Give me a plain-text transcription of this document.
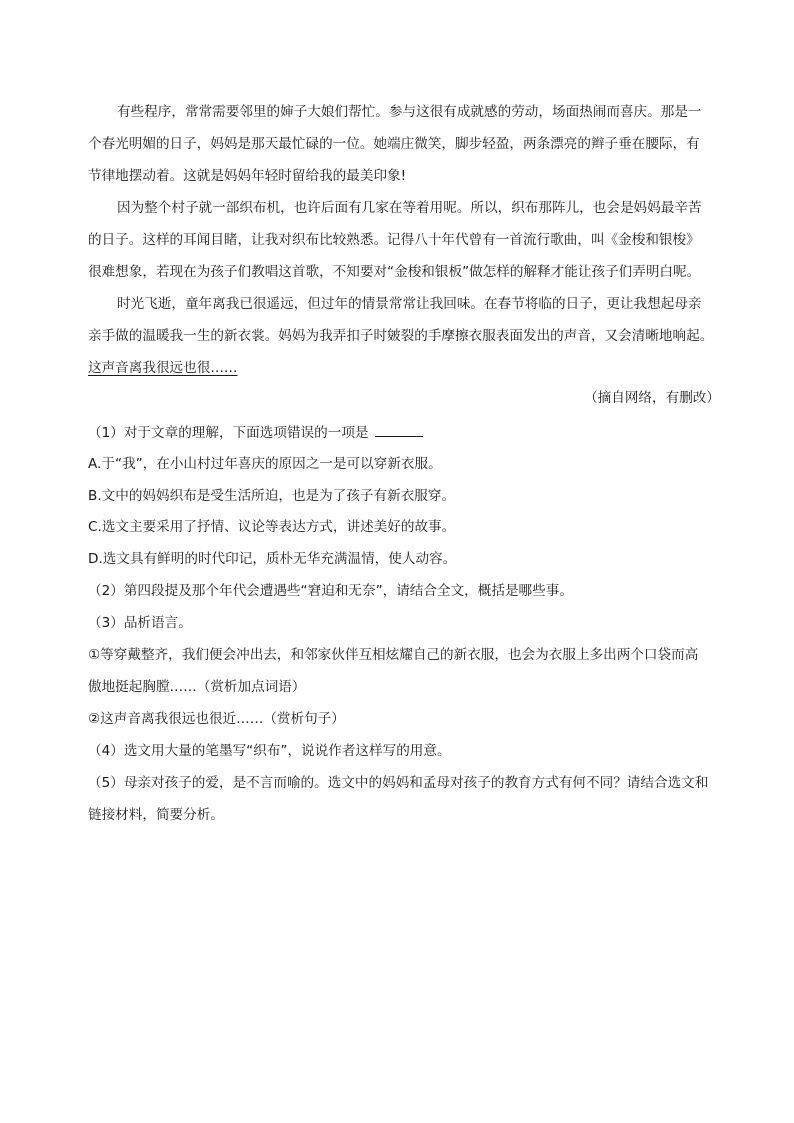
有些程序，常常需要邻里的婶子大娘们帮忙。参与这很有成就感的劳动，场面热闹而喜庆。那是一
个春光明媚的日子，妈妈是那天最忙碌的一位。她端庄微笑，脚步轻盈，两条漂亮的辫子垂在腰际，有
节律地摆动着。这就是妈妈年轻时留给我的最美印象!
因为整个村子就一部织布机，也许后面有几家在等着用呢。所以，织布那阵儿，也会是妈妈最辛苦
的日子。这样的耳闻目睹，让我对织布比较熟悉。记得八十年代曾有一首流行歌曲，叫《金梭和银梭》
很难想象，若现在为孩子们教唱这首歌，不知要对“金梭和银板”做怎样的解释才能让孩子们弄明白呢。
时光飞逝，童年离我已很遥远，但过年的情景常常让我回味。在春节将临的日子，更让我想起母亲
亲手做的温暖我一生的新衣裳。妈妈为我弄扣子时皴裂的手摩擦衣服表面发出的声音，又会清晰地响起。
这声音离我很远也很……
（摘自网络，有删改）
（1）对于文章的理解，下面选项错误的一项是
A.于“我”，在小山村过年喜庆的原因之一是可以穿新衣服。
B.文中的妈妈织布是受生活所迫，也是为了孩子有新衣服穿。
C.选文主要采用了抒情、议论等表达方式，讲述美好的故事。
D.选文具有鲜明的时代印记，质朴无华充满温情，使人动容。
（2）第四段提及那个年代会遭遇些“窘迫和无奈”，请结合全文，概括是哪些事。
（3）品析语言。
①等穿戴整齐，我们便会冲出去，和邻家伙伴互相炫耀自己的新衣服，也会为衣服上多出两个口袋而高
傲地挺起胸膛……（赏析加点词语）
②这声音离我很远也很近……（赏析句子）
（4）选文用大量的笔墨写“织布”，说说作者这样写的用意。
（5）母亲对孩子的爱，是不言而喻的。选文中的妈妈和孟母对孩子的教育方式有何不同？请结合选文和
链接材料，简要分析。
